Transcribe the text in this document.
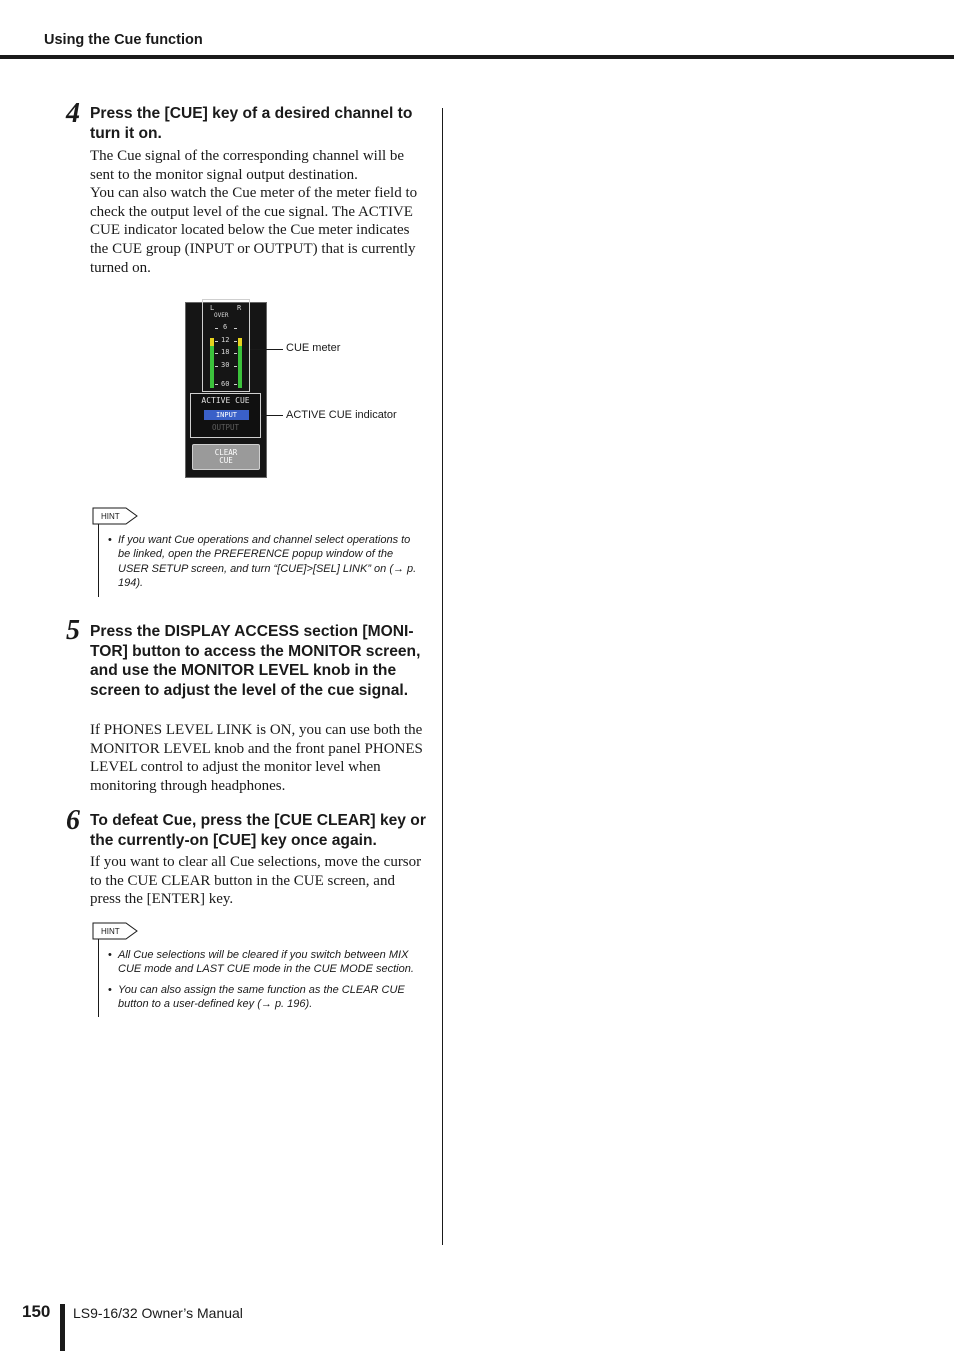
Using the Cue function
4 Press the [CUE] key of a desired channel to turn it on.

The Cue signal of the corresponding channel will be sent to the monitor signal output destination.

You can also watch the Cue meter of the meter field to check the output level of the cue signal. The ACTIVE CUE indicator located below the Cue meter indicates the CUE group (INPUT or OUTPUT) that is currently turned on.

L	R
OVER
6
12
18
30
60
ACTIVE CUE
INPUT
OUTPUT
CLEAR
CUE
CUE meter
ACTIVE CUE indicator
HINT
• If you want Cue operations and channel select operations to be linked, open the PREFERENCE popup window of the USER SETUP screen, and turn “[CUE]>[SEL] LINK” on (→ p. 194).
5 Press the DISPLAY ACCESS section [MONI-TOR] button to access the MONITOR screen, and use the MONITOR LEVEL knob in the screen to adjust the level of the cue signal.

If PHONES LEVEL LINK is ON, you can use both the MONITOR LEVEL knob and the front panel PHONES LEVEL control to adjust the monitor level when monitoring through headphones.

6 To defeat Cue, press the [CUE CLEAR] key or the currently-on [CUE] key once again.

If you want to clear all Cue selections, move the cursor to the CUE CLEAR button in the CUE screen, and press the [ENTER] key.

HINT
• All Cue selections will be cleared if you switch between MIX CUE mode and LAST CUE mode in the CUE MODE section.
• You can also assign the same function as the CLEAR CUE button to a user-defined key (→ p. 196).
150 LS9-16/32 Owner’s Manual
